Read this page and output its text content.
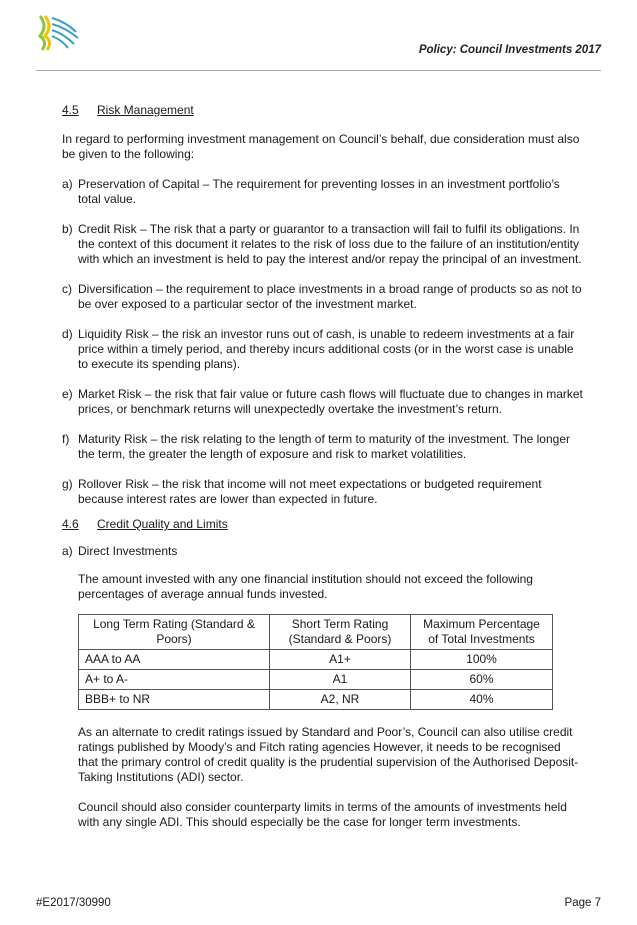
Policy: Council Investments 2017
4.5 Risk Management

In regard to performing investment management on Council’s behalf, due consideration must also be given to the following:

a) Preservation of Capital – The requirement for preventing losses in an investment portfolio’s total value.
b) Credit Risk – The risk that a party or guarantor to a transaction will fail to fulfil its obligations. In the context of this document it relates to the risk of loss due to the failure of an institution/entity with which an investment is held to pay the interest and/or repay the principal of an investment.
c) Diversification – the requirement to place investments in a broad range of products so as not to be over exposed to a particular sector of the investment market.
d) Liquidity Risk – the risk an investor runs out of cash, is unable to redeem investments at a fair price within a timely period, and thereby incurs additional costs (or in the worst case is unable to execute its spending plans).
e) Market Risk – the risk that fair value or future cash flows will fluctuate due to changes in market prices, or benchmark returns will unexpectedly overtake the investment’s return.
f) Maturity Risk – the risk relating to the length of term to maturity of the investment. The longer the term, the greater the length of exposure and risk to market volatilities.
g) Rollover Risk – the risk that income will not meet expectations or budgeted requirement because interest rates are lower than expected in future.
4.6 Credit Quality and Limits
a) Direct Investments

The amount invested with any one financial institution should not exceed the following percentages of average annual funds invested.

Long Term Rating (Standard & Poors)	Short Term Rating (Standard & Poors)	Maximum Percentage of Total Investments
AAA to AA	A1+	100%
A+ to A-	A1	60%
BBB+ to NR	A2, NR	40%

As an alternate to credit ratings issued by Standard and Poor’s, Council can also utilise credit ratings published by Moody’s and Fitch rating agencies However, it needs to be recognised that the primary control of credit quality is the prudential supervision of the Authorised Deposit-Taking Institutions (ADI) sector.

Council should also consider counterparty limits in terms of the amounts of investments held with any single ADI. This should especially be the case for longer term investments.

#E2017/30990	Page 7
